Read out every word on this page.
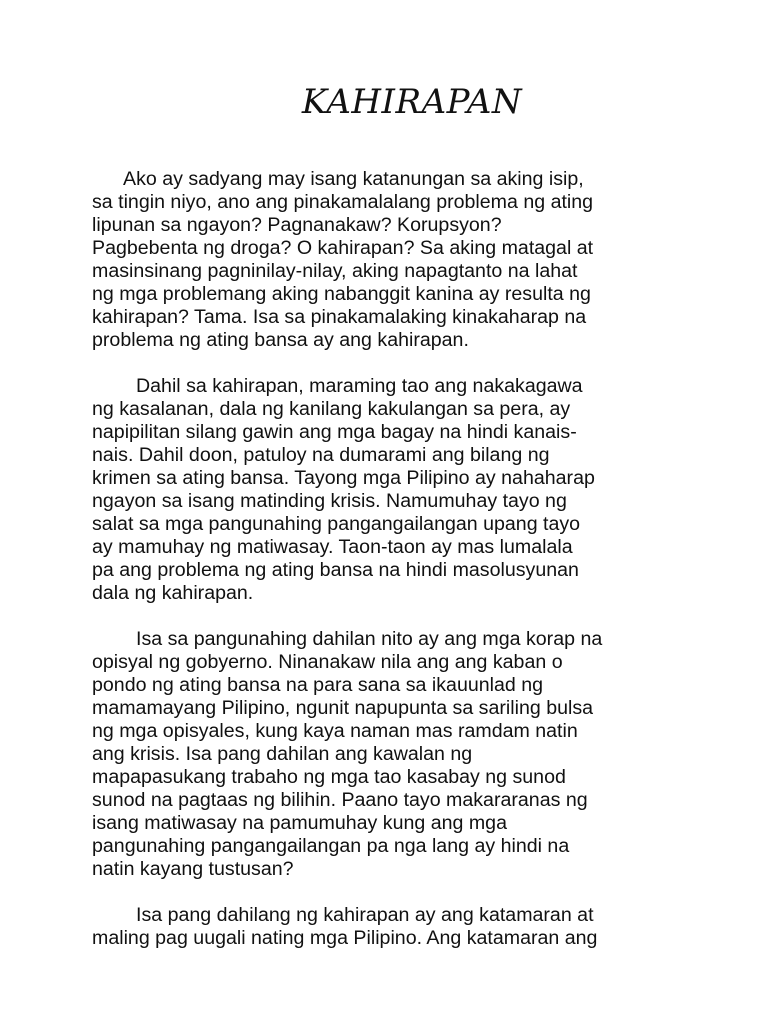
KAHIRAPAN

Ako ay sadyang may isang katanungan sa aking isip,
sa tingin niyo, ano ang pinakamalalang problema ng ating
lipunan sa ngayon? Pagnanakaw? Korupsyon?
Pagbebenta ng droga? O kahirapan? Sa aking matagal at
masinsinang pagninilay-nilay, aking napagtanto na lahat
ng mga problemang aking nabanggit kanina ay resulta ng
kahirapan? Tama. Isa sa pinakamalaking kinakaharap na
problema ng ating bansa ay ang kahirapan.

Dahil sa kahirapan, maraming tao ang nakakagawa
ng kasalanan, dala ng kanilang kakulangan sa pera, ay
napipilitan silang gawin ang mga bagay na hindi kanais-
nais. Dahil doon, patuloy na dumarami ang bilang ng
krimen sa ating bansa. Tayong mga Pilipino ay nahaharap
ngayon sa isang matinding krisis. Namumuhay tayo ng
salat sa mga pangunahing pangangailangan upang tayo
ay mamuhay ng matiwasay. Taon-taon ay mas lumalala
pa ang problema ng ating bansa na hindi masolusyunan
dala ng kahirapan.

Isa sa pangunahing dahilan nito ay ang mga korap na
opisyal ng gobyerno. Ninanakaw nila ang ang kaban o
pondo ng ating bansa na para sana sa ikauunlad ng
mamamayang Pilipino, ngunit napupunta sa sariling bulsa
ng mga opisyales, kung kaya naman mas ramdam natin
ang krisis. Isa pang dahilan ang kawalan ng
mapapasukang trabaho ng mga tao kasabay ng sunod
sunod na pagtaas ng bilihin. Paano tayo makararanas ng
isang matiwasay na pamumuhay kung ang mga
pangunahing pangangailangan pa nga lang ay hindi na
natin kayang tustusan?

Isa pang dahilang ng kahirapan ay ang katamaran at
maling pag uugali nating mga Pilipino. Ang katamaran ang
